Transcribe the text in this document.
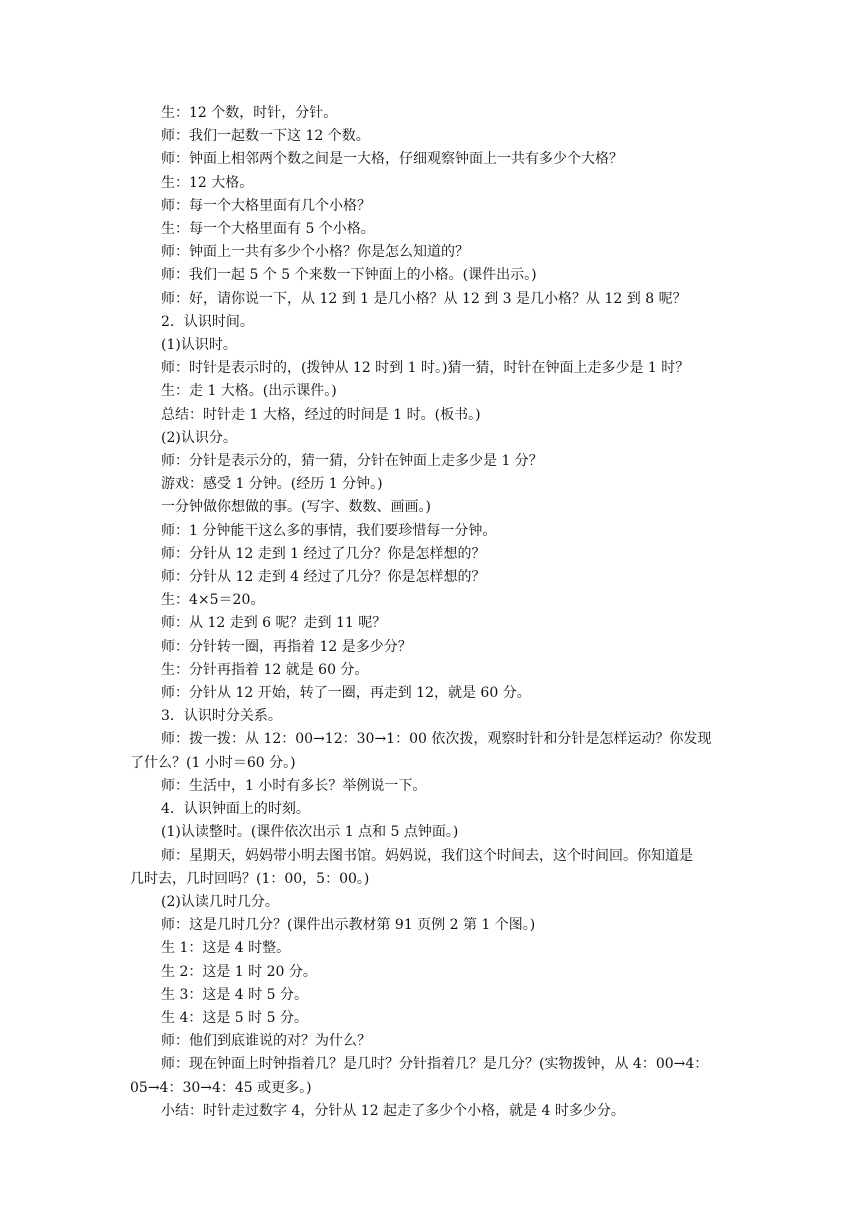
生：12 个数，时针，分针。
师：我们一起数一下这 12 个数。
师：钟面上相邻两个数之间是一大格，仔细观察钟面上一共有多少个大格？
生：12 大格。
师：每一个大格里面有几个小格？
生：每一个大格里面有 5 个小格。
师：钟面上一共有多少个小格？你是怎么知道的？
师：我们一起 5 个 5 个来数一下钟面上的小格。(课件出示。)
师：好，请你说一下，从 12 到 1 是几小格？从 12 到 3 是几小格？从 12 到 8 呢？
2．认识时间。
(1)认识时。
师：时针是表示时的，(拨钟从 12 时到 1 时。)猜一猜，时针在钟面上走多少是 1 时？
生：走 1 大格。(出示课件。)
总结：时针走 1 大格，经过的时间是 1 时。(板书。)
(2)认识分。
师：分针是表示分的，猜一猜，分针在钟面上走多少是 1 分？
游戏：感受 1 分钟。(经历 1 分钟。)
一分钟做你想做的事。(写字、数数、画画。)
师：1 分钟能干这么多的事情，我们要珍惜每一分钟。
师：分针从 12 走到 1 经过了几分？你是怎样想的？
师：分针从 12 走到 4 经过了几分？你是怎样想的？
生：4×5＝20。
师：从 12 走到 6 呢？走到 11 呢？
师：分针转一圈，再指着 12 是多少分？
生：分针再指着 12 就是 60 分。
师：分针从 12 开始，转了一圈，再走到 12，就是 60 分。
3．认识时分关系。
师：拨一拨：从 12：00→12：30→1：00 依次拨，观察时针和分针是怎样运动？你发现
了什么？(1 小时＝60 分。)
师：生活中，1 小时有多长？举例说一下。
4．认识钟面上的时刻。
(1)认读整时。(课件依次出示 1 点和 5 点钟面。)
师：星期天，妈妈带小明去图书馆。妈妈说，我们这个时间去，这个时间回。你知道是
几时去，几时回吗？(1：00，5：00。)
(2)认读几时几分。
师：这是几时几分？(课件出示教材第 91 页例 2 第 1 个图。)
生 1：这是 4 时整。
生 2：这是 1 时 20 分。
生 3：这是 4 时 5 分。
生 4：这是 5 时 5 分。
师：他们到底谁说的对？为什么？
师：现在钟面上时钟指着几？是几时？分针指着几？是几分？(实物拨钟，从 4：00→4：
05→4：30→4：45 或更多。)
小结：时针走过数字 4，分针从 12 起走了多少个小格，就是 4 时多少分。
